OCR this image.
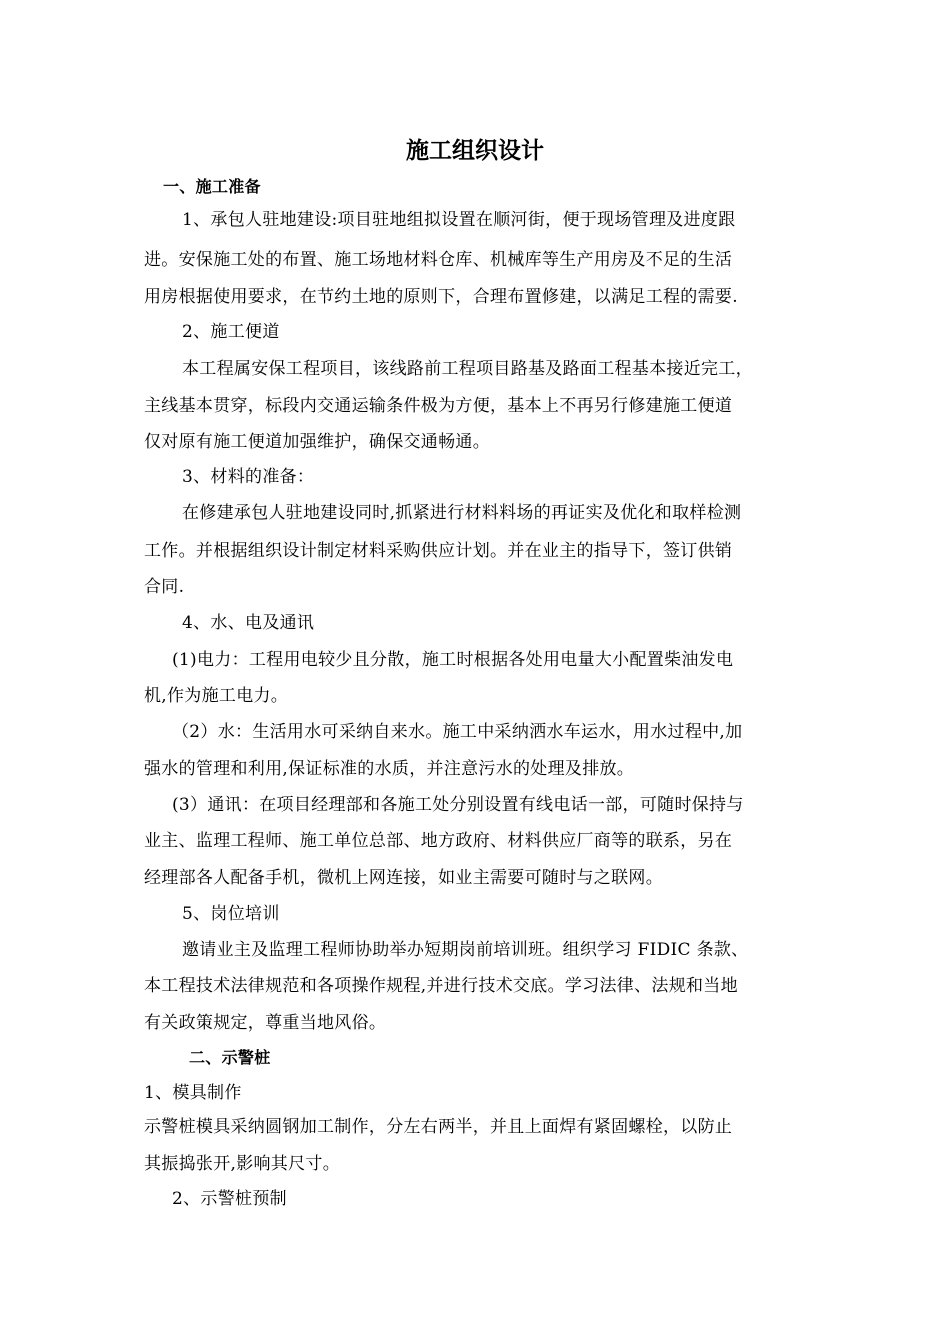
施工组织设计
一、施工准备
1、承包人驻地建设:项目驻地组拟设置在顺河街，便于现场管理及进度跟
进。安保施工处的布置、施工场地材料仓库、机械库等生产用房及不足的生活
用房根据使用要求，在节约土地的原则下，合理布置修建，以满足工程的需要.
2、施工便道
本工程属安保工程项目，该线路前工程项目路基及路面工程基本接近完工，
主线基本贯穿，标段内交通运输条件极为方便，基本上不再另行修建施工便道
仅对原有施工便道加强维护，确保交通畅通。
3、材料的准备：
在修建承包人驻地建设同时,抓紧进行材料料场的再证实及优化和取样检测
工作。并根据组织设计制定材料采购供应计划。并在业主的指导下，签订供销
合同.
4、水、电及通讯
(1)电力：工程用电较少且分散，施工时根据各处用电量大小配置柴油发电
机,作为施工电力。
（2）水：生活用水可采纳自来水。施工中采纳洒水车运水，用水过程中,加
强水的管理和利用,保证标准的水质，并注意污水的处理及排放。
(3）通讯：在项目经理部和各施工处分别设置有线电话一部，可随时保持与
业主、监理工程师、施工单位总部、地方政府、材料供应厂商等的联系，另在
经理部各人配备手机，微机上网连接，如业主需要可随时与之联网。
5、岗位培训
邀请业主及监理工程师协助举办短期岗前培训班。组织学习 FIDIC 条款、
本工程技术法律规范和各项操作规程,并进行技术交底。学习法律、法规和当地
有关政策规定，尊重当地风俗。
二、示警桩
1、模具制作
示警桩模具采纳圆钢加工制作，分左右两半，并且上面焊有紧固螺栓，以防止
其振捣张开,影响其尺寸。
2、示警桩预制
